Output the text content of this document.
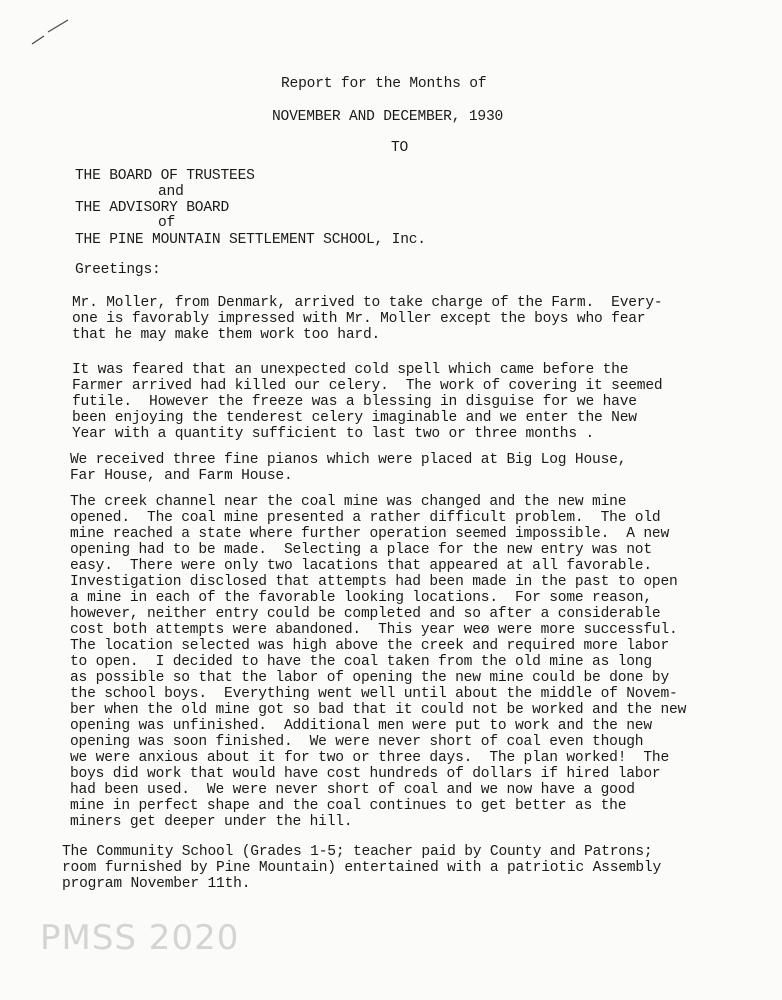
Report for the Months of
NOVEMBER AND DECEMBER, 1930
TO
THE BOARD OF TRUSTEES
and
THE ADVISORY BOARD
of
THE PINE MOUNTAIN SETTLEMENT SCHOOL, Inc.
Greetings:
Mr. Moller, from Denmark, arrived to take charge of the Farm.  Every-
one is favorably impressed with Mr. Moller except the boys who fear
that he may make them work too hard.
It was feared that an unexpected cold spell which came before the
Farmer arrived had killed our celery.  The work of covering it seemed
futile.  However the freeze was a blessing in disguise for we have
been enjoying the tenderest celery imaginable and we enter the New
Year with a quantity sufficient to last two or three months .
We received three fine pianos which were placed at Big Log House,
Far House, and Farm House.
The creek channel near the coal mine was changed and the new mine
opened.  The coal mine presented a rather difficult problem.  The old
mine reached a state where further operation seemed impossible.  A new
opening had to be made.  Selecting a place for the new entry was not
easy.  There were only two lacations that appeared at all favorable.
Investigation disclosed that attempts had been made in the past to open
a mine in each of the favorable looking locations.  For some reason,
however, neither entry could be completed and so after a considerable
cost both attempts were abandoned.  This year weø were more successful.
The location selected was high above the creek and required more labor
to open.  I decided to have the coal taken from the old mine as long
as possible so that the labor of opening the new mine could be done by
the school boys.  Everything went well until about the middle of Novem-
ber when the old mine got so bad that it could not be worked and the new
opening was unfinished.  Additional men were put to work and the new
opening was soon finished.  We were never short of coal even though
we were anxious about it for two or three days.  The plan worked!  The
boys did work that would have cost hundreds of dollars if hired labor
had been used.  We were never short of coal and we now have a good
mine in perfect shape and the coal continues to get better as the
miners get deeper under the hill.
The Community School (Grades 1-5; teacher paid by County and Patrons;
room furnished by Pine Mountain) entertained with a patriotic Assembly
program November 11th.
PMSS 2020
